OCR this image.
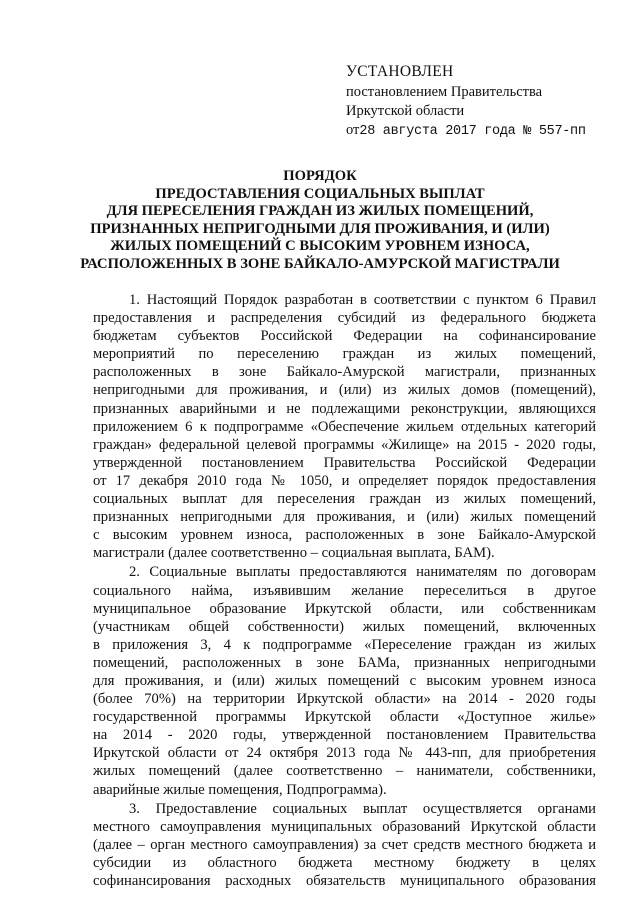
УСТАНОВЛЕН
постановлением Правительства
Иркутской области
от28 августа 2017 года № 557-пп
ПОРЯДОК
ПРЕДОСТАВЛЕНИЯ СОЦИАЛЬНЫХ ВЫПЛАТ
ДЛЯ ПЕРЕСЕЛЕНИЯ ГРАЖДАН ИЗ ЖИЛЫХ ПОМЕЩЕНИЙ,
ПРИЗНАННЫХ НЕПРИГОДНЫМИ ДЛЯ ПРОЖИВАНИЯ, И (ИЛИ)
ЖИЛЫХ ПОМЕЩЕНИЙ С ВЫСОКИМ УРОВНЕМ ИЗНОСА,
РАСПОЛОЖЕННЫХ В ЗОНЕ БАЙКАЛО-АМУРСКОЙ МАГИСТРАЛИ
1. Настоящий Порядок разработан в соответствии с пунктом 6 Правил
предоставления и распределения субсидий из федерального бюджета
бюджетам субъектов Российской Федерации на софинансирование
мероприятий по переселению граждан из жилых помещений,
расположенных в зоне Байкало-Амурской магистрали, признанных
непригодными для проживания, и (или) из жилых домов (помещений),
признанных аварийными и не подлежащими реконструкции, являющихся
приложением 6 к подпрограмме «Обеспечение жильем отдельных категорий
граждан» федеральной целевой программы «Жилище» на 2015 - 2020 годы,
утвержденной постановлением Правительства Российской Федерации
от 17 декабря 2010 года № 1050, и определяет порядок предоставления
социальных выплат для переселения граждан из жилых помещений,
признанных непригодными для проживания, и (или) жилых помещений
с высоким уровнем износа, расположенных в зоне Байкало-Амурской
магистрали (далее соответственно – социальная выплата, БАМ).
2. Социальные выплаты предоставляются нанимателям по договорам
социального найма, изъявившим желание переселиться в другое
муниципальное образование Иркутской области, или собственникам
(участникам общей собственности) жилых помещений, включенных
в приложения 3, 4 к подпрограмме «Переселение граждан из жилых
помещений, расположенных в зоне БАМа, признанных непригодными
для проживания, и (или) жилых помещений с высоким уровнем износа
(более 70%) на территории Иркутской области» на 2014 - 2020 годы
государственной программы Иркутской области «Доступное жилье»
на 2014 - 2020 годы, утвержденной постановлением Правительства
Иркутской области от 24 октября 2013 года № 443-пп, для приобретения
жилых помещений (далее соответственно – наниматели, собственники,
аварийные жилые помещения, Подпрограмма).
3. Предоставление социальных выплат осуществляется органами
местного самоуправления муниципальных образований Иркутской области
(далее – орган местного самоуправления) за счет средств местного бюджета и
субсидии из областного бюджета местному бюджету в целях
софинансирования расходных обязательств муниципального образования
